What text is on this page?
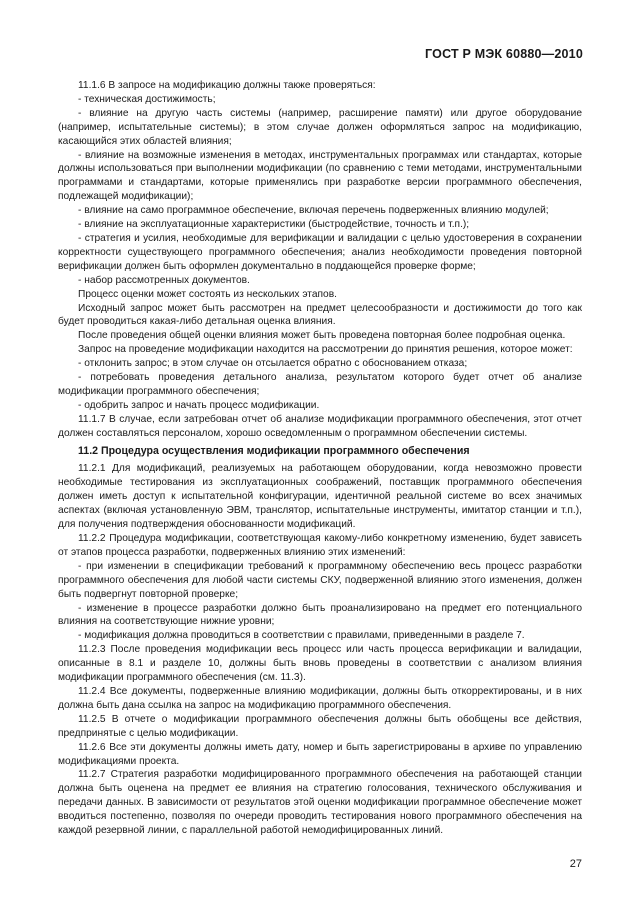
ГОСТ Р МЭК 60880—2010

11.1.6 В запросе на модификацию должны также проверяться:

- техническая достижимость;

- влияние на другую часть системы (например, расширение памяти) или другое оборудование (например, испытательные системы); в этом случае должен оформляться запрос на модификацию, касающийся этих областей влияния;

- влияние на возможные изменения в методах, инструментальных программах или стандартах, которые должны использоваться при выполнении модификации (по сравнению с теми методами, инструментальными программами и стандартами, которые применялись при разработке версии программного обеспечения, подлежащей модификации);

- влияние на само программное обеспечение, включая перечень подверженных влиянию модулей;

- влияние на эксплуатационные характеристики (быстродействие, точность и т.п.);

- стратегия и усилия, необходимые для верификации и валидации с целью удостоверения в сохранении корректности существующего программного обеспечения; анализ необходимости проведения повторной верификации должен быть оформлен документально в поддающейся проверке форме;

- набор рассмотренных документов.

Процесс оценки может состоять из нескольких этапов.

Исходный запрос может быть рассмотрен на предмет целесообразности и достижимости до того как будет проводиться какая-либо детальная оценка влияния.

После проведения общей оценки влияния может быть проведена повторная более подробная оценка.

Запрос на проведение модификации находится на рассмотрении до принятия решения, которое может:

- отклонить запрос; в этом случае он отсылается обратно с обоснованием отказа;

- потребовать проведения детального анализа, результатом которого будет отчет об анализе модификации программного обеспечения;

- одобрить запрос и начать процесс модификации.

11.1.7 В случае, если затребован отчет об анализе модификации программного обеспечения, этот отчет должен составляться персоналом, хорошо осведомленным о программном обеспечении системы.

11.2 Процедура осуществления модификации программного обеспечения

11.2.1 Для модификаций, реализуемых на работающем оборудовании, когда невозможно провести необходимые тестирования из эксплуатационных соображений, поставщик программного обеспечения должен иметь доступ к испытательной конфигурации, идентичной реальной системе во всех значимых аспектах (включая установленную ЭВМ, транслятор, испытательные инструменты, имитатор станции и т.п.), для получения подтверждения обоснованности модификаций.

11.2.2 Процедура модификации, соответствующая какому-либо конкретному изменению, будет зависеть от этапов процесса разработки, подверженных влиянию этих изменений:

- при изменении в спецификации требований к программному обеспечению весь процесс разработки программного обеспечения для любой части системы СКУ, подверженной влиянию этого изменения, должен быть подвергнут повторной проверке;

- изменение в процессе разработки должно быть проанализировано на предмет его потенциального влияния на соответствующие нижние уровни;

- модификация должна проводиться в соответствии с правилами, приведенными в разделе 7.

11.2.3 После проведения модификации весь процесс или часть процесса верификации и валидации, описанные в 8.1 и разделе 10, должны быть вновь проведены в соответствии с анализом влияния модификации программного обеспечения (см. 11.3).

11.2.4 Все документы, подверженные влиянию модификации, должны быть откорректированы, и в них должна быть дана ссылка на запрос на модификацию программного обеспечения.

11.2.5 В отчете о модификации программного обеспечения должны быть обобщены все действия, предпринятые с целью модификации.

11.2.6 Все эти документы должны иметь дату, номер и быть зарегистрированы в архиве по управлению модификациями проекта.

11.2.7 Стратегия разработки модифицированного программного обеспечения на работающей станции должна быть оценена на предмет ее влияния на стратегию голосования, технического обслуживания и передачи данных. В зависимости от результатов этой оценки модификации программное обеспечение может вводиться постепенно, позволяя по очереди проводить тестирования нового программного обеспечения на каждой резервной линии, с параллельной работой немодифицированных линий.

27
